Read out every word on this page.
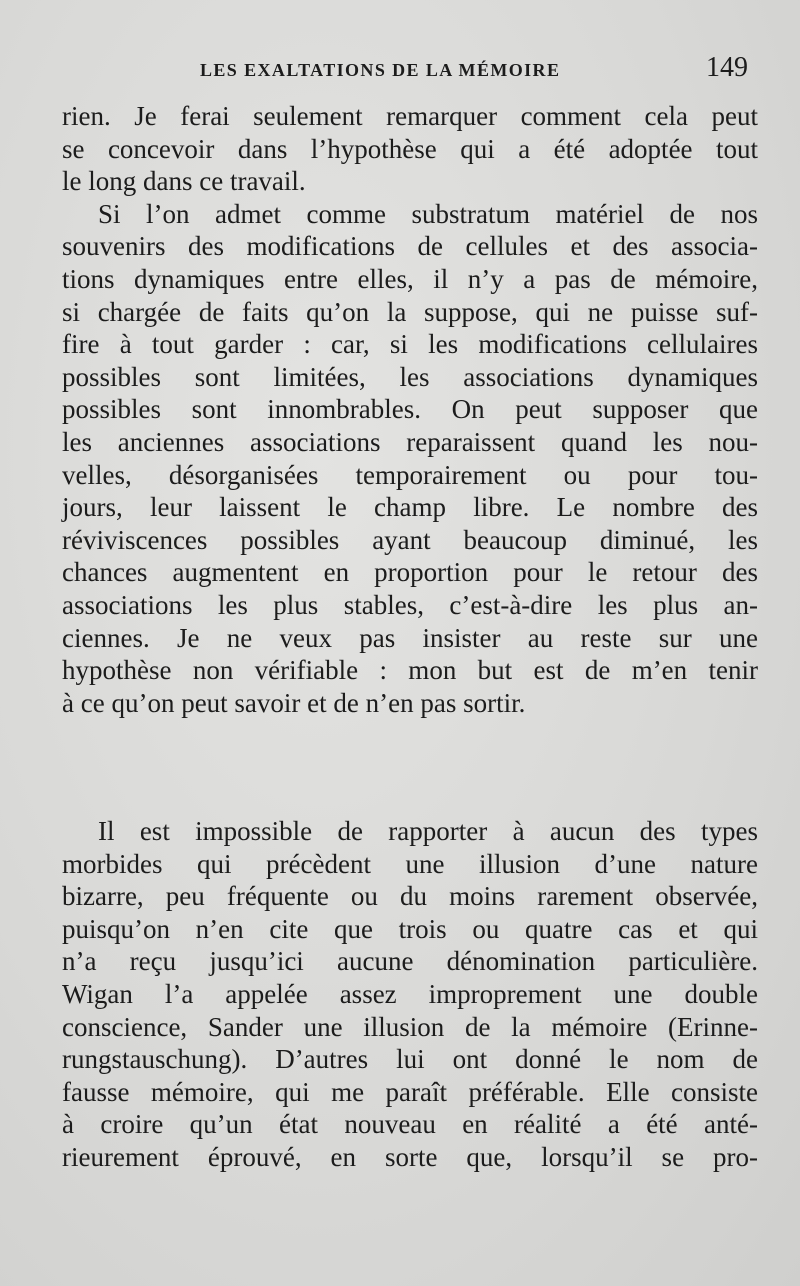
LES EXALTATIONS DE LA MÉMOIRE	149

rien. Je ferai seulement remarquer comment cela peut
se concevoir dans l’hypothèse qui a été adoptée tout
le long dans ce travail.

Si l’on admet comme substratum matériel de nos
souvenirs des modifications de cellules et des associa-
tions dynamiques entre elles, il n’y a pas de mémoire,
si chargée de faits qu’on la suppose, qui ne puisse suf-
fire à tout garder : car, si les modifications cellulaires
possibles sont limitées, les associations dynamiques
possibles sont innombrables. On peut supposer que
les anciennes associations reparaissent quand les nou-
velles, désorganisées temporairement ou pour tou-
jours, leur laissent le champ libre. Le nombre des
réviviscences possibles ayant beaucoup diminué, les
chances augmentent en proportion pour le retour des
associations les plus stables, c’est-à-dire les plus an-
ciennes. Je ne veux pas insister au reste sur une
hypothèse non vérifiable : mon but est de m’en tenir
à ce qu’on peut savoir et de n’en pas sortir.

Il est impossible de rapporter à aucun des types
morbides qui précèdent une illusion d’une nature
bizarre, peu fréquente ou du moins rarement observée,
puisqu’on n’en cite que trois ou quatre cas et qui
n’a reçu jusqu’ici aucune dénomination particulière.
Wigan l’a appelée assez improprement une double
conscience, Sander une illusion de la mémoire (Erinne-
rungstauschung). D’autres lui ont donné le nom de
fausse mémoire, qui me paraît préférable. Elle consiste
à croire qu’un état nouveau en réalité a été anté-
rieurement éprouvé, en sorte que, lorsqu’il se pro-
